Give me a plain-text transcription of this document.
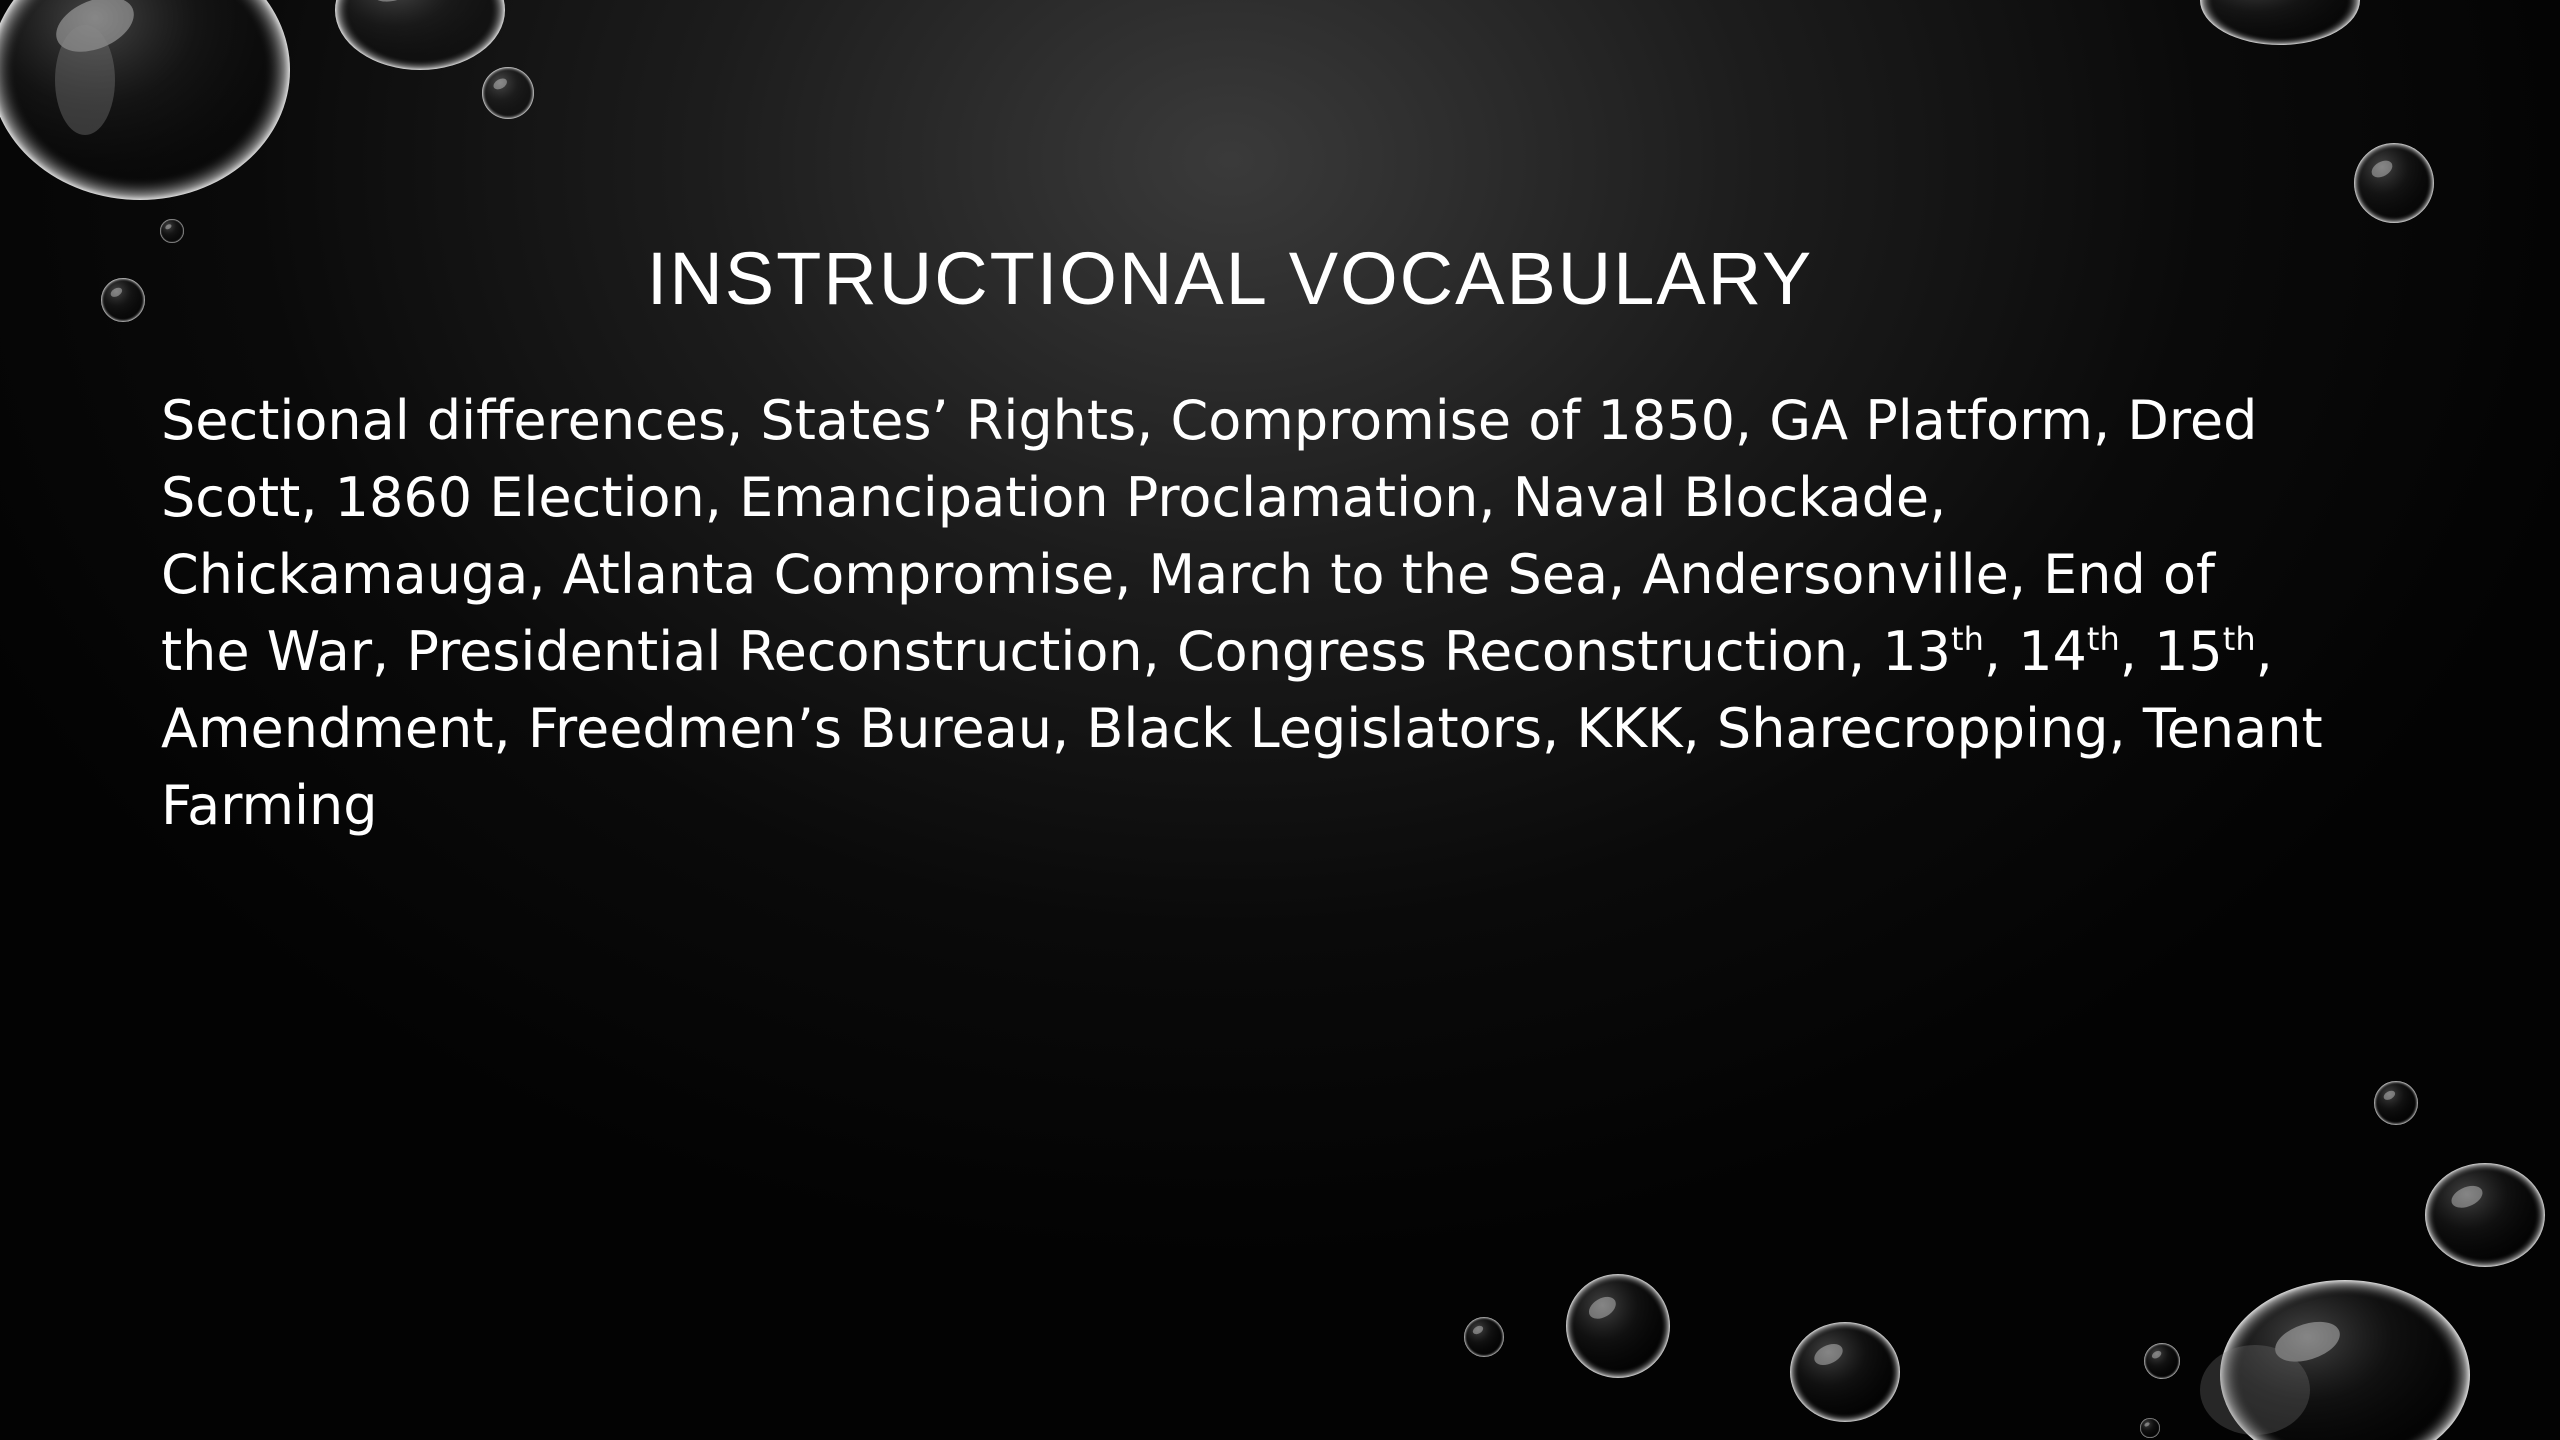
INSTRUCTIONAL VOCABULARY
Sectional differences, States’ Rights, Compromise of 1850, GA Platform, Dred
Scott, 1860 Election, Emancipation Proclamation, Naval Blockade,
Chickamauga, Atlanta Compromise, March to the Sea, Andersonville, End of
the War, Presidential Reconstruction, Congress Reconstruction, 13th, 14th, 15th,
Amendment, Freedmen’s Bureau, Black Legislators, KKK, Sharecropping, Tenant
Farming
